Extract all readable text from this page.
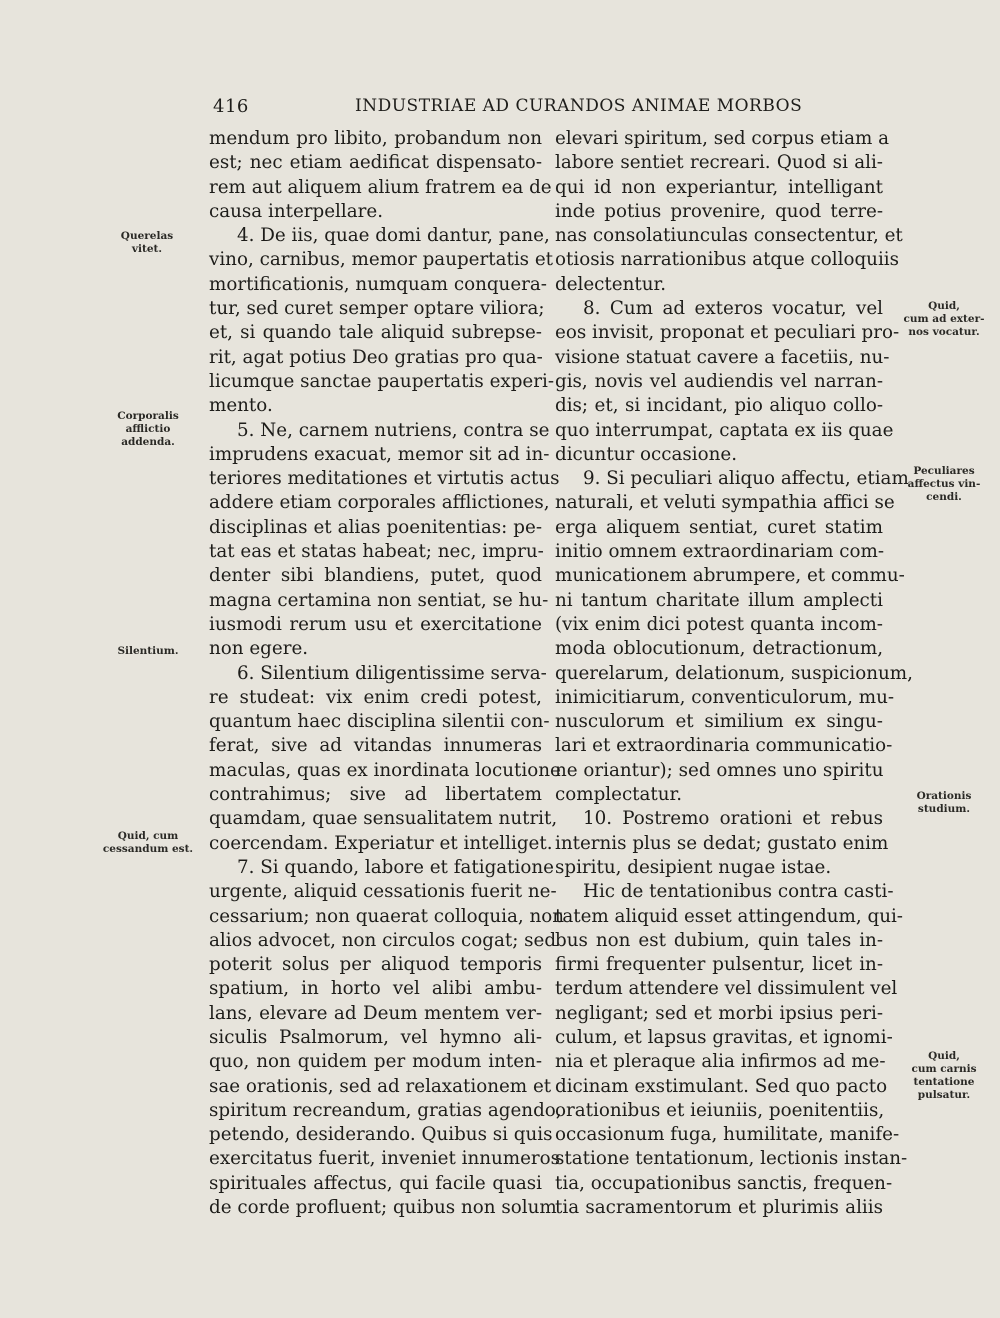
416	INDUSTRIAE AD CURANDOS ANIMAE MORBOS
Querelas
vitet.
Corporalis
afflictio
addenda.
Silentium.
Quid, cum
cessandum est.
Quid,
cum ad exter-
nos vocatur.
Peculiares
affectus vin-
cendi.
Orationis
studium.
Quid,
cum carnis
tentatione
pulsatur.
mendum pro libito, probandum non
est; nec etiam aedificat dispensato-
rem aut aliquem alium fratrem ea de
causa interpellare.
4. De iis, quae domi dantur, pane,
vino, carnibus, memor paupertatis et
mortificationis, numquam conquera-
tur, sed curet semper optare viliora;
et, si quando tale aliquid subrepse-
rit, agat potius Deo gratias pro qua-
licumque sanctae paupertatis experi-
mento.
5. Ne, carnem nutriens, contra se
imprudens exacuat, memor sit ad in-
teriores meditationes et virtutis actus
addere etiam corporales afflictiones,
disciplinas et alias poenitentias: pe-
tat eas et statas habeat; nec, impru-
denter sibi blandiens, putet, quod
magna certamina non sentiat, se hu-
iusmodi rerum usu et exercitatione
non egere.
6. Silentium diligentissime serva-
re studeat: vix enim credi potest,
quantum haec disciplina silentii con-
ferat, sive ad vitandas innumeras
maculas, quas ex inordinata locutione
contrahimus; sive ad libertatem
quamdam, quae sensualitatem nutrit,
coercendam. Experiatur et intelliget.
7. Si quando, labore et fatigatione
urgente, aliquid cessationis fuerit ne-
cessarium; non quaerat colloquia, non
alios advocet, non circulos cogat; sed
poterit solus per aliquod temporis
spatium, in horto vel alibi ambu-
lans, elevare ad Deum mentem ver-
siculis Psalmorum, vel hymno ali-
quo, non quidem per modum inten-
sae orationis, sed ad relaxationem et
spiritum recreandum, gratias agendo,
petendo, desiderando. Quibus si quis
exercitatus fuerit, inveniet innumeros
spirituales affectus, qui facile quasi
de corde profluent; quibus non solum
elevari spiritum, sed corpus etiam a
labore sentiet recreari. Quod si ali-
qui id non experiantur, intelligant
inde potius provenire, quod terre-
nas consolatiunculas consectentur, et
otiosis narrationibus atque colloquiis
delectentur.
8. Cum ad exteros vocatur, vel
eos invisit, proponat et peculiari pro-
visione statuat cavere a facetiis, nu-
gis, novis vel audiendis vel narran-
dis; et, si incidant, pio aliquo collo-
quo interrumpat, captata ex iis quae
dicuntur occasione.
9. Si peculiari aliquo affectu, etiam
naturali, et veluti sympathia affici se
erga aliquem sentiat, curet statim
initio omnem extraordinariam com-
municationem abrumpere, et commu-
ni tantum charitate illum amplecti
(vix enim dici potest quanta incom-
moda oblocutionum, detractionum,
querelarum, delationum, suspicionum,
inimicitiarum, conventiculorum, mu-
nusculorum et similium ex singu-
lari et extraordinaria communicatio-
ne oriantur); sed omnes uno spiritu
complectatur.
10. Postremo orationi et rebus
internis plus se dedat; gustato enim
spiritu, desipient nugae istae.
Hic de tentationibus contra casti-
tatem aliquid esset attingendum, qui-
bus non est dubium, quin tales in-
firmi frequenter pulsentur, licet in-
terdum attendere vel dissimulent vel
negligant; sed et morbi ipsius peri-
culum, et lapsus gravitas, et ignomi-
nia et pleraque alia infirmos ad me-
dicinam exstimulant. Sed quo pacto
orationibus et ieiuniis, poenitentiis,
occasionum fuga, humilitate, manife-
statione tentationum, lectionis instan-
tia, occupationibus sanctis, frequen-
tia sacramentorum et plurimis aliis
